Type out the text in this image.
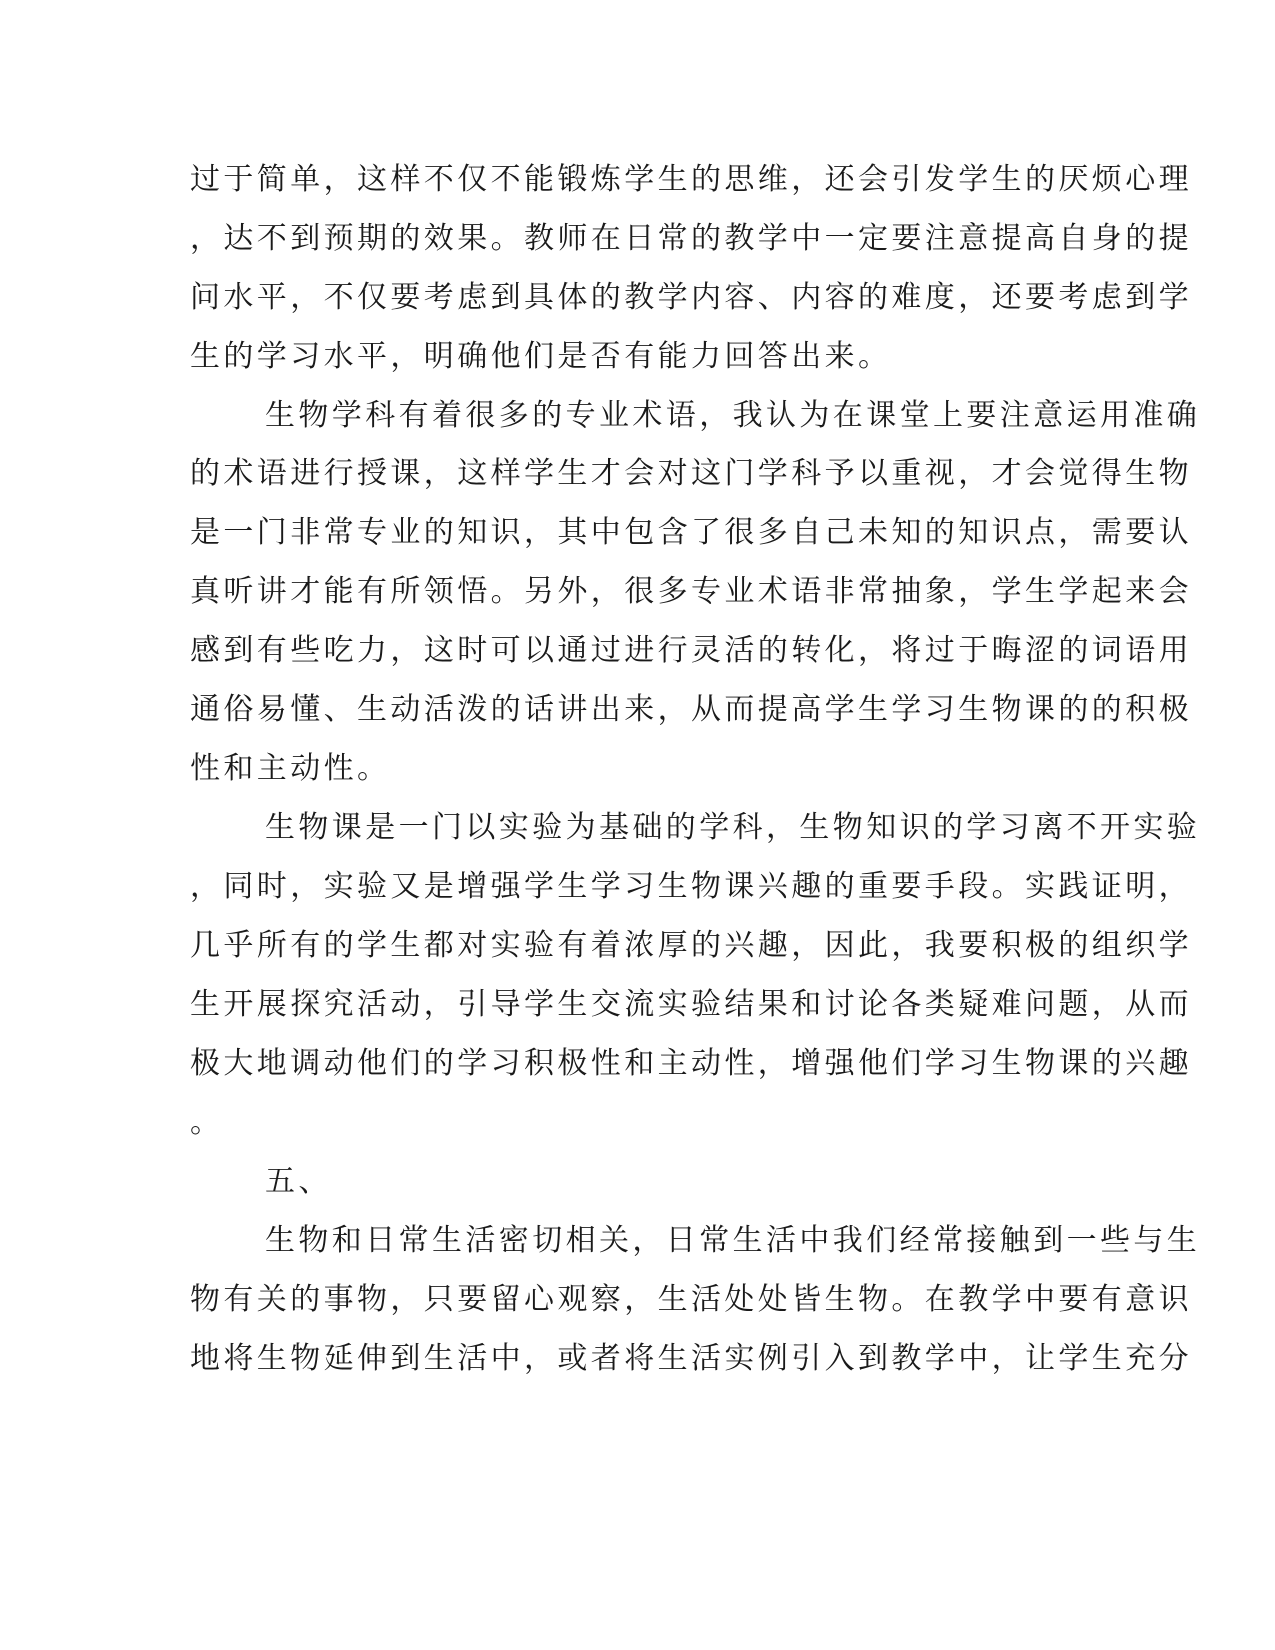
过于简单，这样不仅不能锻炼学生的思维，还会引发学生的厌烦心理
，达不到预期的效果。教师在日常的教学中一定要注意提高自身的提
问水平，不仅要考虑到具体的教学内容、内容的难度，还要考虑到学
生的学习水平，明确他们是否有能力回答出来。
生物学科有着很多的专业术语，我认为在课堂上要注意运用准确
的术语进行授课，这样学生才会对这门学科予以重视，才会觉得生物
是一门非常专业的知识，其中包含了很多自己未知的知识点，需要认
真听讲才能有所领悟。另外，很多专业术语非常抽象，学生学起来会
感到有些吃力，这时可以通过进行灵活的转化，将过于晦涩的词语用
通俗易懂、生动活泼的话讲出来，从而提高学生学习生物课的的积极
性和主动性。
生物课是一门以实验为基础的学科，生物知识的学习离不开实验
，同时，实验又是增强学生学习生物课兴趣的重要手段。实践证明，
几乎所有的学生都对实验有着浓厚的兴趣，因此，我要积极的组织学
生开展探究活动，引导学生交流实验结果和讨论各类疑难问题，从而
极大地调动他们的学习积极性和主动性，增强他们学习生物课的兴趣
。
五、
生物和日常生活密切相关，日常生活中我们经常接触到一些与生
物有关的事物，只要留心观察，生活处处皆生物。在教学中要有意识
地将生物延伸到生活中，或者将生活实例引入到教学中，让学生充分
